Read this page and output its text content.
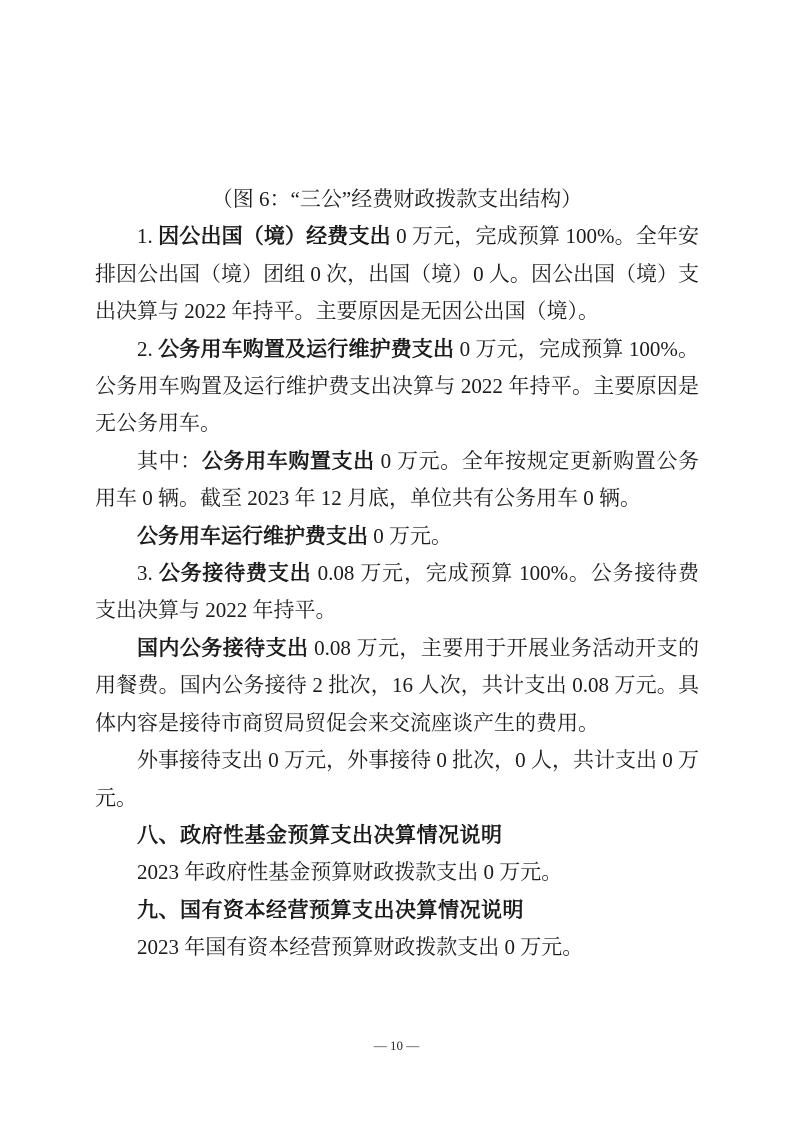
（图 6：“三公”经费财政拨款支出结构）

1. 因公出国（境）经费支出 0 万元，完成预算 100%。全年安排因公出国（境）团组 0 次，出国（境）0 人。因公出国（境）支出决算与 2022 年持平。主要原因是无因公出国（境）。

2. 公务用车购置及运行维护费支出 0 万元，完成预算 100%。公务用车购置及运行维护费支出决算与 2022 年持平。主要原因是无公务用车。

其中：公务用车购置支出 0 万元。全年按规定更新购置公务用车 0 辆。截至 2023 年 12 月底，单位共有公务用车 0 辆。

公务用车运行维护费支出 0 万元。

3. 公务接待费支出 0.08 万元，完成预算 100%。公务接待费支出决算与 2022 年持平。

国内公务接待支出 0.08 万元，主要用于开展业务活动开支的用餐费。国内公务接待 2 批次，16 人次，共计支出 0.08 万元。具体内容是接待市商贸局贸促会来交流座谈产生的费用。

外事接待支出 0 万元，外事接待 0 批次，0 人，共计支出 0 万元。

八、政府性基金预算支出决算情况说明

2023 年政府性基金预算财政拨款支出 0 万元。

九、国有资本经营预算支出决算情况说明

2023 年国有资本经营预算财政拨款支出 0 万元。

— 10 —
